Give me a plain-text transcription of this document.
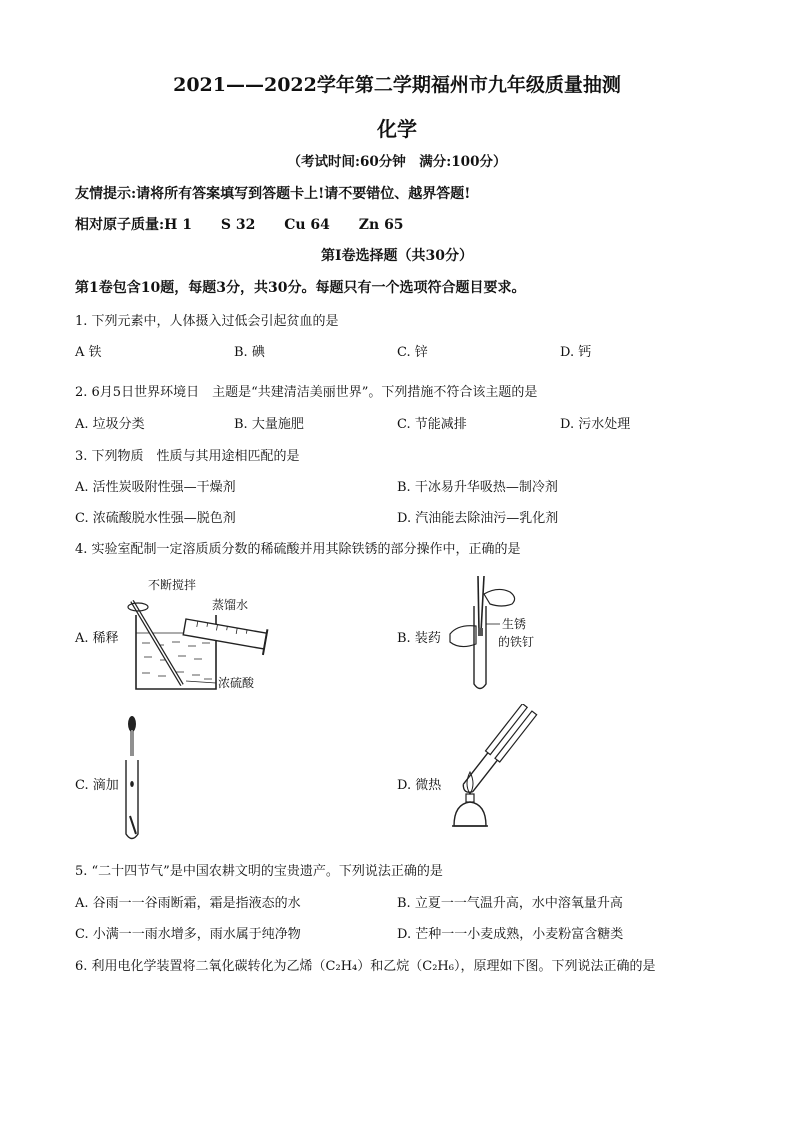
2021——2022学年第二学期福州市九年级质量抽测
化学
（考试时间:60分钟　满分:100分）
友情提示:请将所有答案填写到答题卡上!请不要错位、越界答题!
相对原子质量:H 1 S 32 Cu 64 Zn 65
第Ⅰ卷选择题（共30分）
第1卷包含10题，每题3分，共30分。每题只有一个选项符合题目要求。
1. 下列元素中，人体摄入过低会引起贫血的是
A 铁	B. 碘	C. 锌	D. 钙
2. 6月5日世界环境日　主题是“共建清洁美丽世界”。下列措施不符合该主题的是
A. 垃圾分类	B. 大量施肥	C. 节能减排	D. 污水处理
3. 下列物质　性质与其用途相匹配的是
A. 活性炭吸附性强—干燥剂	B. 干冰易升华吸热—制冷剂
C. 浓硫酸脱水性强—脱色剂	D. 汽油能去除油污—乳化剂
4. 实验室配制一定溶质质分数的稀硫酸并用其除铁锈的部分操作中，正确的是
A. 稀释	B. 装药
C. 滴加	D. 微热
不断搅拌
蒸馏水
浓硫酸
生锈
的铁钉
5. “二十四节气”是中国农耕文明的宝贵遗产。下列说法正确的是
A. 谷雨一一谷雨断霜，霜是指液态的水	B. 立夏一一气温升高，水中溶氧量升高
C. 小满一一雨水增多，雨水属于纯净物	D. 芒种一一小麦成熟，小麦粉富含糖类
6. 利用电化学装置将二氧化碳转化为乙烯（C₂H₄）和乙烷（C₂H₆），原理如下图。下列说法正确的是
